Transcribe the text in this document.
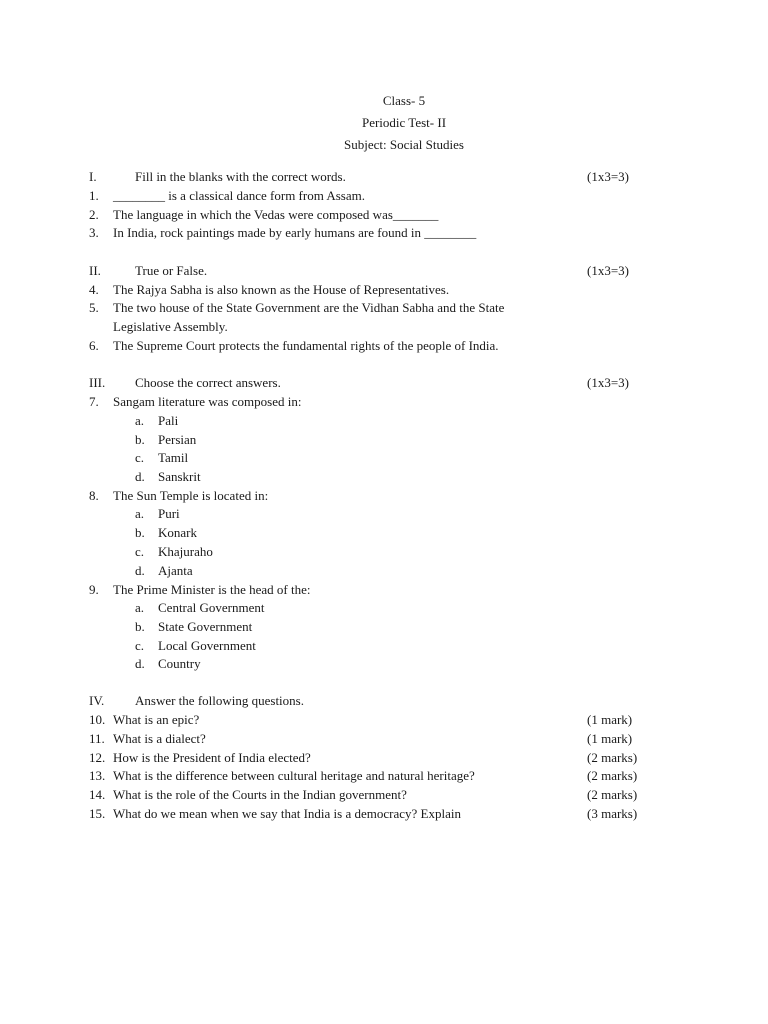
Class- 5
Periodic Test- II
Subject: Social Studies
I.	Fill in the blanks with the correct words.	(1x3=3)
1. ________ is a classical dance form from Assam.
2. The language in which the Vedas were composed was_______
3. In India, rock paintings made by early humans are found in ________
II.	True or False.	(1x3=3)
4. The Rajya Sabha is also known as the House of Representatives.
5. The two house of the State Government are the Vidhan Sabha and the State
Legislative Assembly.
6. The Supreme Court protects the fundamental rights of the people of India.
III. Choose the correct answers.	(1x3=3)
7. Sangam literature was composed in:
a. Pali
b. Persian
c. Tamil
d. Sanskrit
8. The Sun Temple is located in:
a. Puri
b. Konark
c. Khajuraho
d. Ajanta
9. The Prime Minister is the head of the:
a. Central Government
b. State Government
c. Local Government
d. Country
IV. Answer the following questions.
10. What is an epic?	(1 mark)
11. What is a dialect?	(1 mark)
12. How is the President of India elected?	(2 marks)
13. What is the difference between cultural heritage and natural heritage?	(2 marks)
14. What is the role of the Courts in the Indian government?	(2 marks)
15. What do we mean when we say that India is a democracy? Explain	(3 marks)
